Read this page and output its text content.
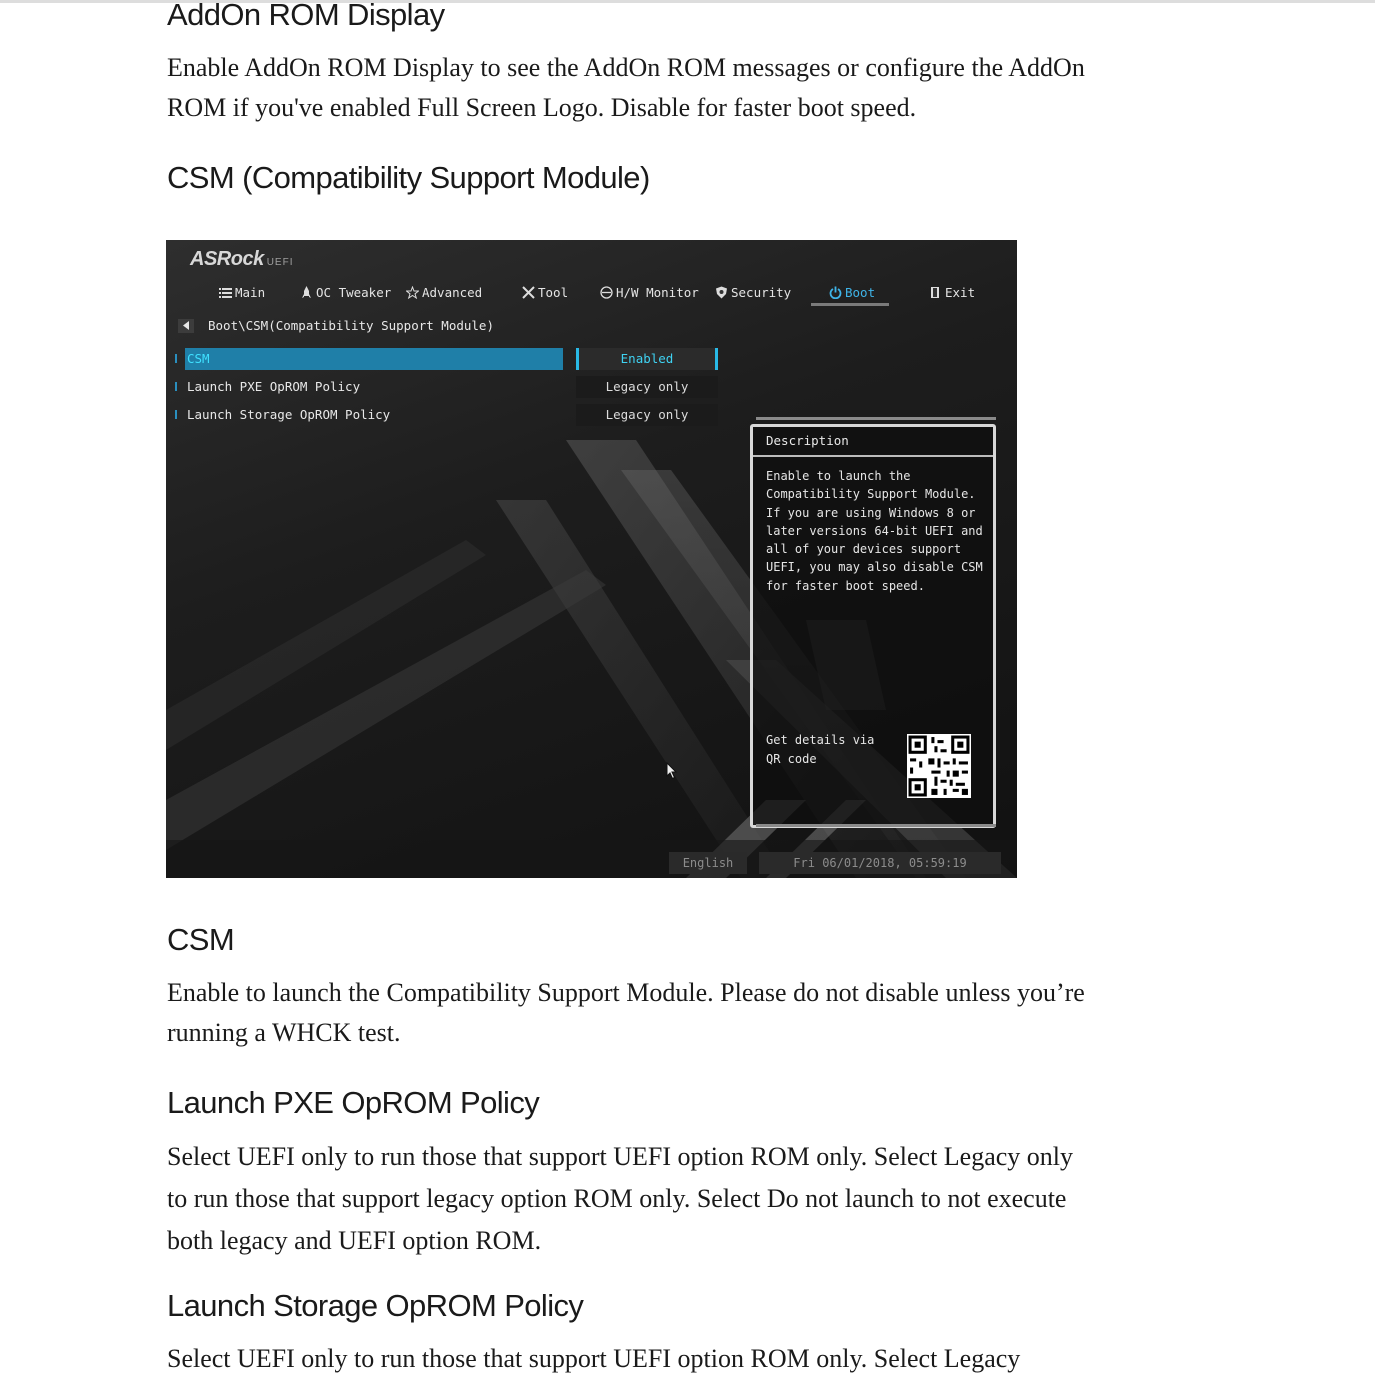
AddOn ROM Display

Enable AddOn ROM Display to see the AddOn ROM messages or configure the AddOn ROM if you've enabled Full Screen Logo. Disable for faster boot speed.

CSM (Compatibility Support Module)
ASRock UEFI
Main	OC Tweaker Advanced	Tool	H/W Monitor	Security	Boot	Exit
Boot\CSM(Compatibility Support Module)
CSM	Enabled
Launch PXE OpROM Policy	Legacy only
Launch Storage OpROM Policy	Legacy only
Description

Enable to launch the Compatibility Support Module. If you are using Windows 8 or later versions 64-bit UEFI and all of your devices support UEFI, you may also disable CSM for faster boot speed.

Get details via QR code

English	Fri 06/01/2018, 05:59:19
CSM

Enable to launch the Compatibility Support Module. Please do not disable unless you’re running a WHCK test.

Launch PXE OpROM Policy

Select UEFI only to run those that support UEFI option ROM only. Select Legacy only to run those that support legacy option ROM only. Select Do not launch to not execute both legacy and UEFI option ROM.

Launch Storage OpROM Policy

Select UEFI only to run those that support UEFI option ROM only. Select Legacy
